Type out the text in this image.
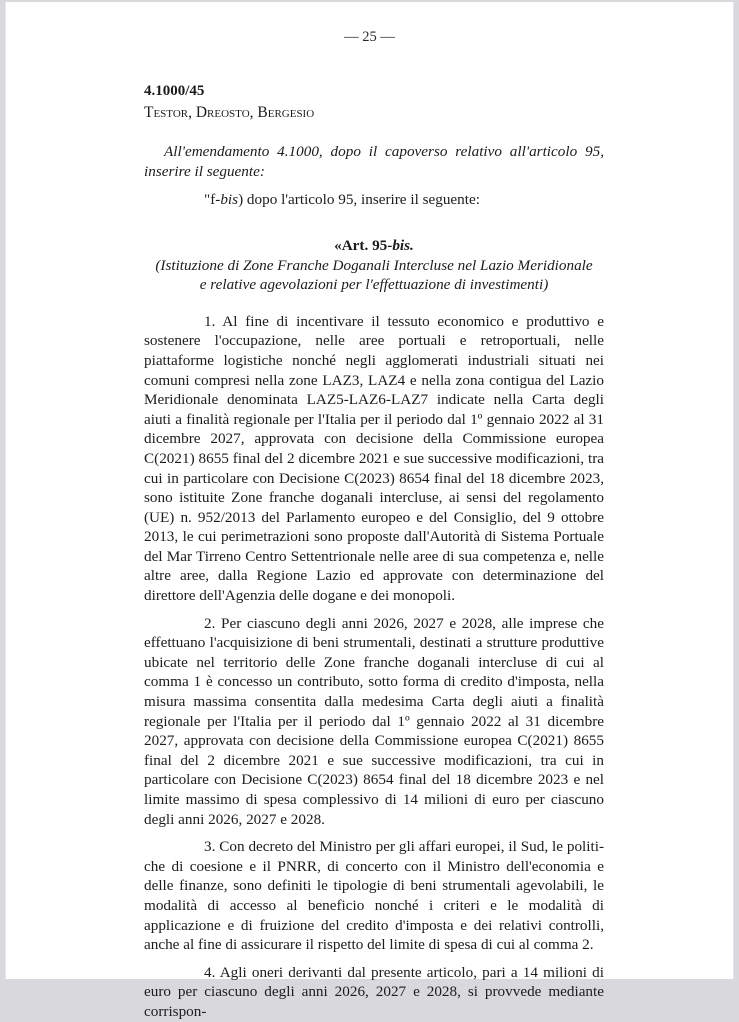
— 25 —

4.1000/45

Testor, Dreosto, Bergesio

All'emendamento 4.1000, dopo il capoverso relativo all'articolo 95, inserire il seguente:

"f-bis) dopo l'articolo 95, inserire il seguente:

«Art. 95-bis.

(Istituzione di Zone Franche Doganali Intercluse nel Lazio Meridionale e relative agevolazioni per l'effettuazione di investimenti)

1. Al fine di incentivare il tessuto economico e produttivo e sostenere l'occupazione, nelle aree portuali e retroportuali, nelle piattaforme logistiche nonché negli agglomerati industriali situati nei comuni compresi nella zone LAZ3, LAZ4 e nella zona contigua del Lazio Meridionale denominata LAZ5-LAZ6-LAZ7 indicate nella Carta degli aiuti a finalità regionale per l'Italia per il periodo dal 1º gennaio 2022 al 31 dicembre 2027, approvata con decisione della Commissione europea C(2021) 8655 final del 2 dicembre 2021 e sue successive modificazioni, tra cui in particolare con Decisione C(2023) 8654 final del 18 dicembre 2023, sono istituite Zone franche doganali intercluse, ai sensi del regolamento (UE) n. 952/2013 del Parlamento europeo e del Consiglio, del 9 ottobre 2013, le cui perimetrazioni sono proposte dall'Autorità di Sistema Portuale del Mar Tirreno Centro Settentrionale nelle aree di sua competenza e, nelle altre aree, dalla Regione Lazio ed approvate con determinazione del direttore dell'Agenzia delle dogane e dei monopoli.

2. Per ciascuno degli anni 2026, 2027 e 2028, alle imprese che effettuano l'acquisizione di beni strumentali, destinati a strutture produttive ubicate nel territorio delle Zone franche doganali intercluse di cui al comma 1 è concesso un contributo, sotto forma di credito d'imposta, nella misura massima consentita dalla medesima Carta degli aiuti a finalità regionale per l'Italia per il periodo dal 1º gennaio 2022 al 31 dicembre 2027, approvata con decisione della Commissione europea C(2021) 8655 final del 2 dicembre 2021 e sue successive modificazioni, tra cui in particolare con Decisione C(2023) 8654 final del 18 dicembre 2023 e nel limite massimo di spesa complessivo di 14 milioni di euro per ciascuno degli anni 2026, 2027 e 2028.

3. Con decreto del Ministro per gli affari europei, il Sud, le politiche di coesione e il PNRR, di concerto con il Ministro dell'economia e delle finanze, sono definiti le tipologie di beni strumentali agevolabili, le modalità di accesso al beneficio nonché i criteri e le modalità di applicazione e di fruizione del credito d'imposta e dei relativi controlli, anche al fine di assicurare il rispetto del limite di spesa di cui al comma 2.

4. Agli oneri derivanti dal presente articolo, pari a 14 milioni di euro per ciascuno degli anni 2026, 2027 e 2028, si provvede mediante corrispon-
